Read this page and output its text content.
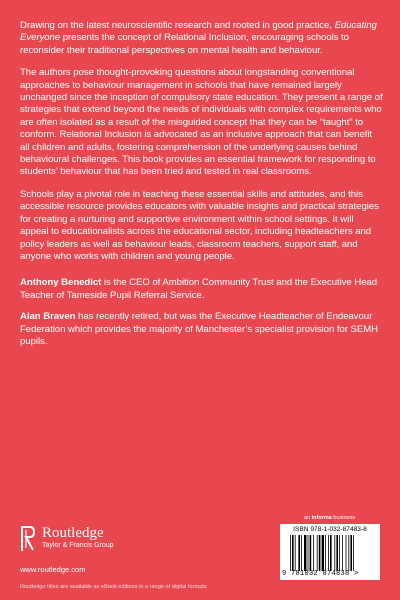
Drawing on the latest neuroscientific research and rooted in good practice, Educating Everyone presents the concept of Relational Inclusion, encouraging schools to reconsider their traditional perspectives on mental health and behaviour.

The authors pose thought-provoking questions about longstanding conventional approaches to behaviour management in schools that have remained largely unchanged since the inception of compulsory state education. They present a range of strategies that extend beyond the needs of individuals with complex requirements who are often isolated as a result of the misguided concept that they can be “taught” to conform. Relational Inclusion is advocated as an inclusive approach that can benefit all children and adults, fostering comprehension of the underlying causes behind behavioural challenges. This book provides an essential framework for responding to students’ behaviour that has been tried and tested in real classrooms.

Schools play a pivotal role in teaching these essential skills and attitudes, and this accessible resource provides educators with valuable insights and practical strategies for creating a nurturing and supportive environment within school settings. It will appeal to educationalists across the educational sector, including headteachers and policy leaders as well as behaviour leads, classroom teachers, support staff, and anyone who works with children and young people.

Anthony Benedict is the CEO of Ambition Community Trust and the Executive Head Teacher of Tameside Pupil Referral Service.

Alan Braven has recently retired, but was the Executive Headteacher of Endeavour Federation which provides the majority of Manchester’s specialist provision for SEMH pupils.

Routledge
Taylor & Francis Group
www.routledge.com
Routledge titles are available as eBook editions in a range of digital formats
an informa business
ISBN 978-1-032-87483-8
9 781032 874838 >
